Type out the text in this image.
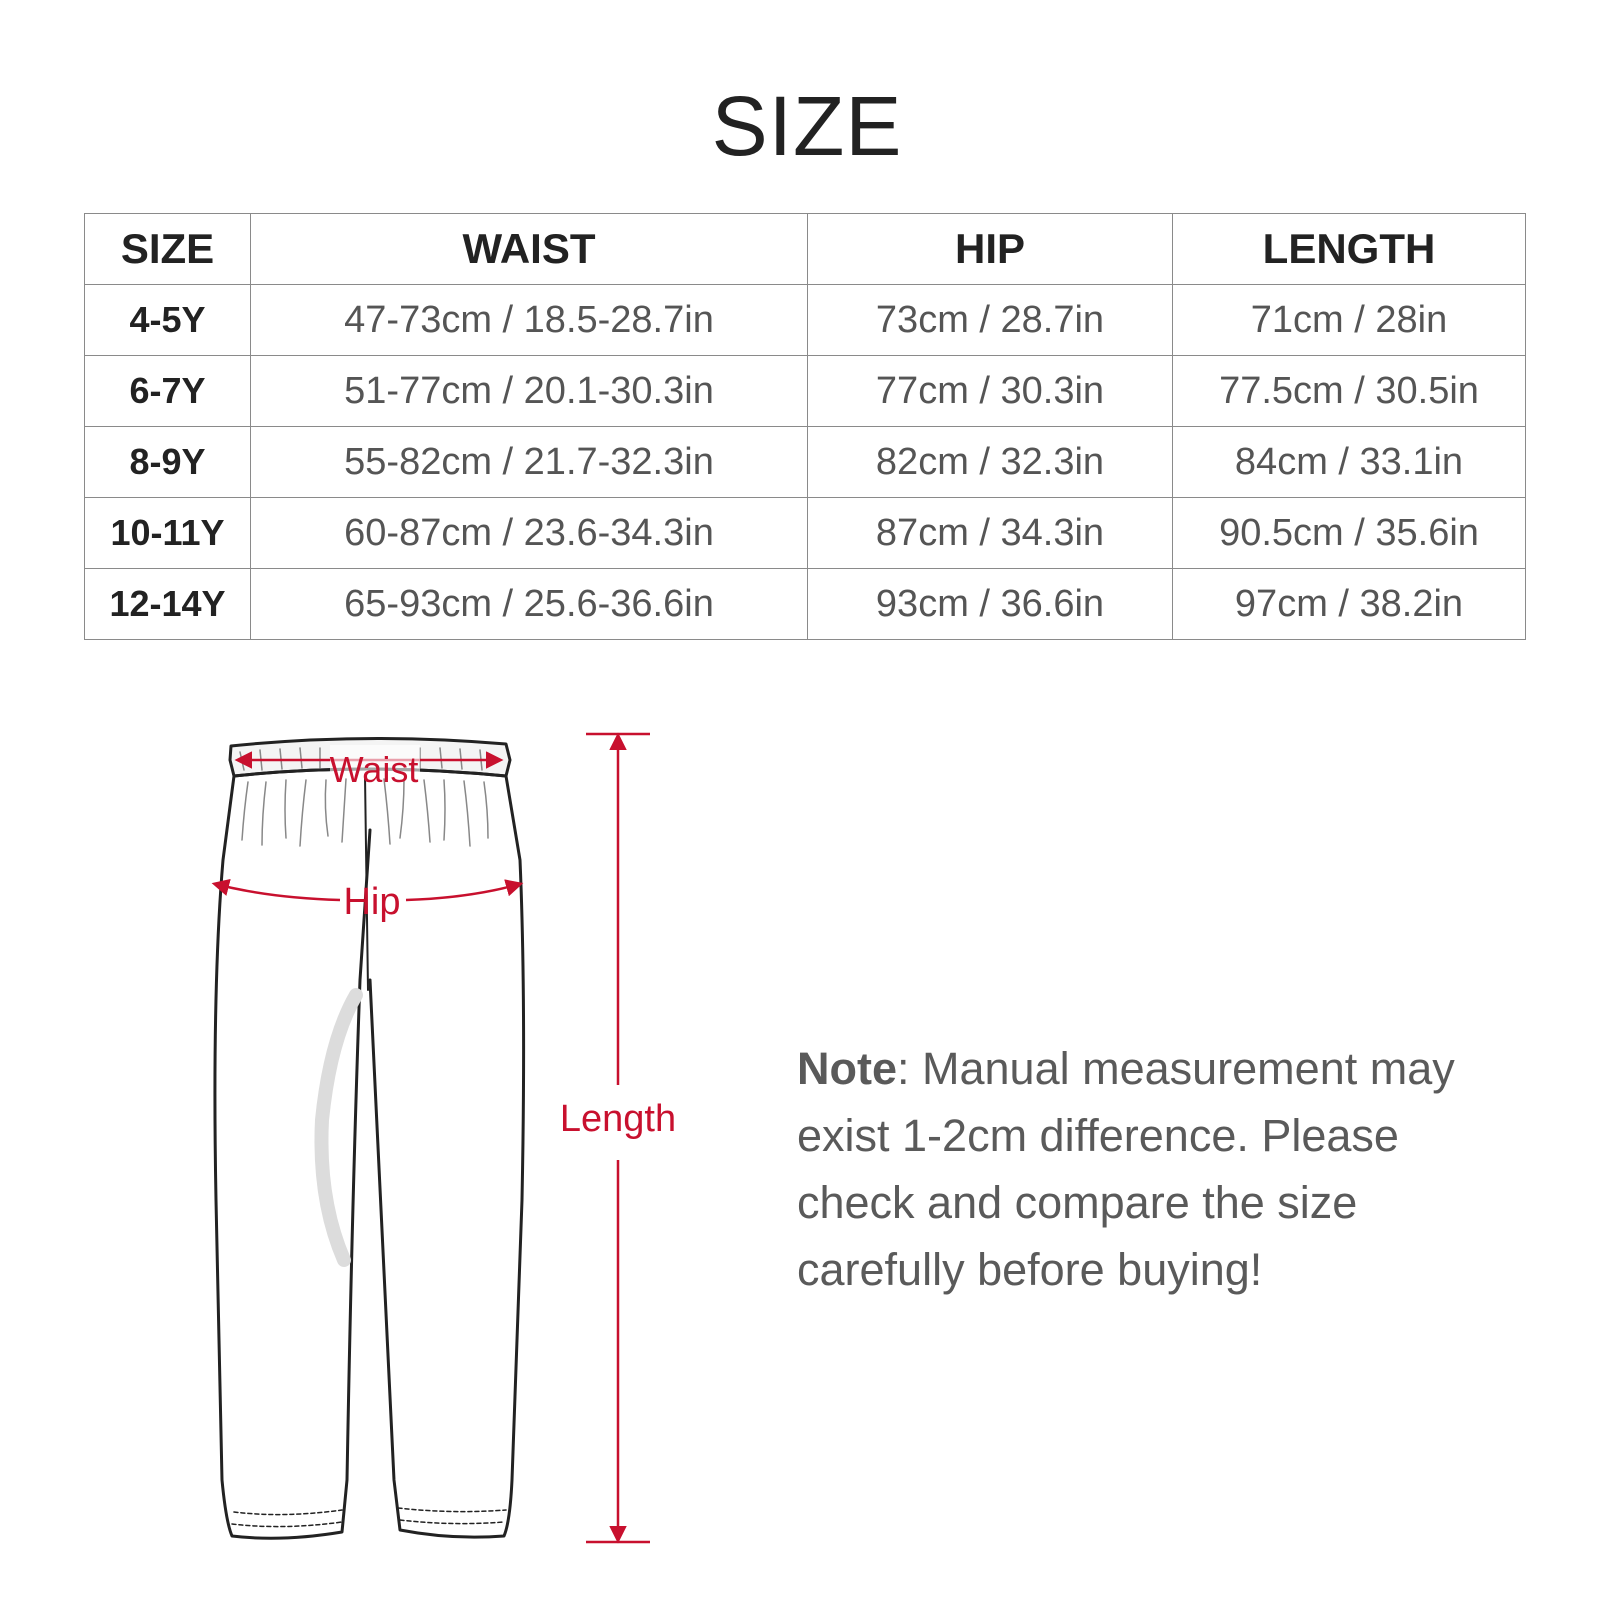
SIZE
SIZE	WAIST	HIP	LENGTH
4-5Y	47-73cm / 18.5-28.7in	73cm / 28.7in	71cm / 28in
6-7Y	51-77cm / 20.1-30.3in	77cm / 30.3in	77.5cm / 30.5in
8-9Y	55-82cm / 21.7-32.3in	82cm / 32.3in	84cm / 33.1in
10-11Y	60-87cm / 23.6-34.3in	87cm / 34.3in	90.5cm / 35.6in
12-14Y	65-93cm / 25.6-36.6in	93cm / 36.6in	97cm / 38.2in
Waist
Hip
Length

Note: Manual measurement may exist 1-2cm difference. Please check and compare the size carefully before buying!
